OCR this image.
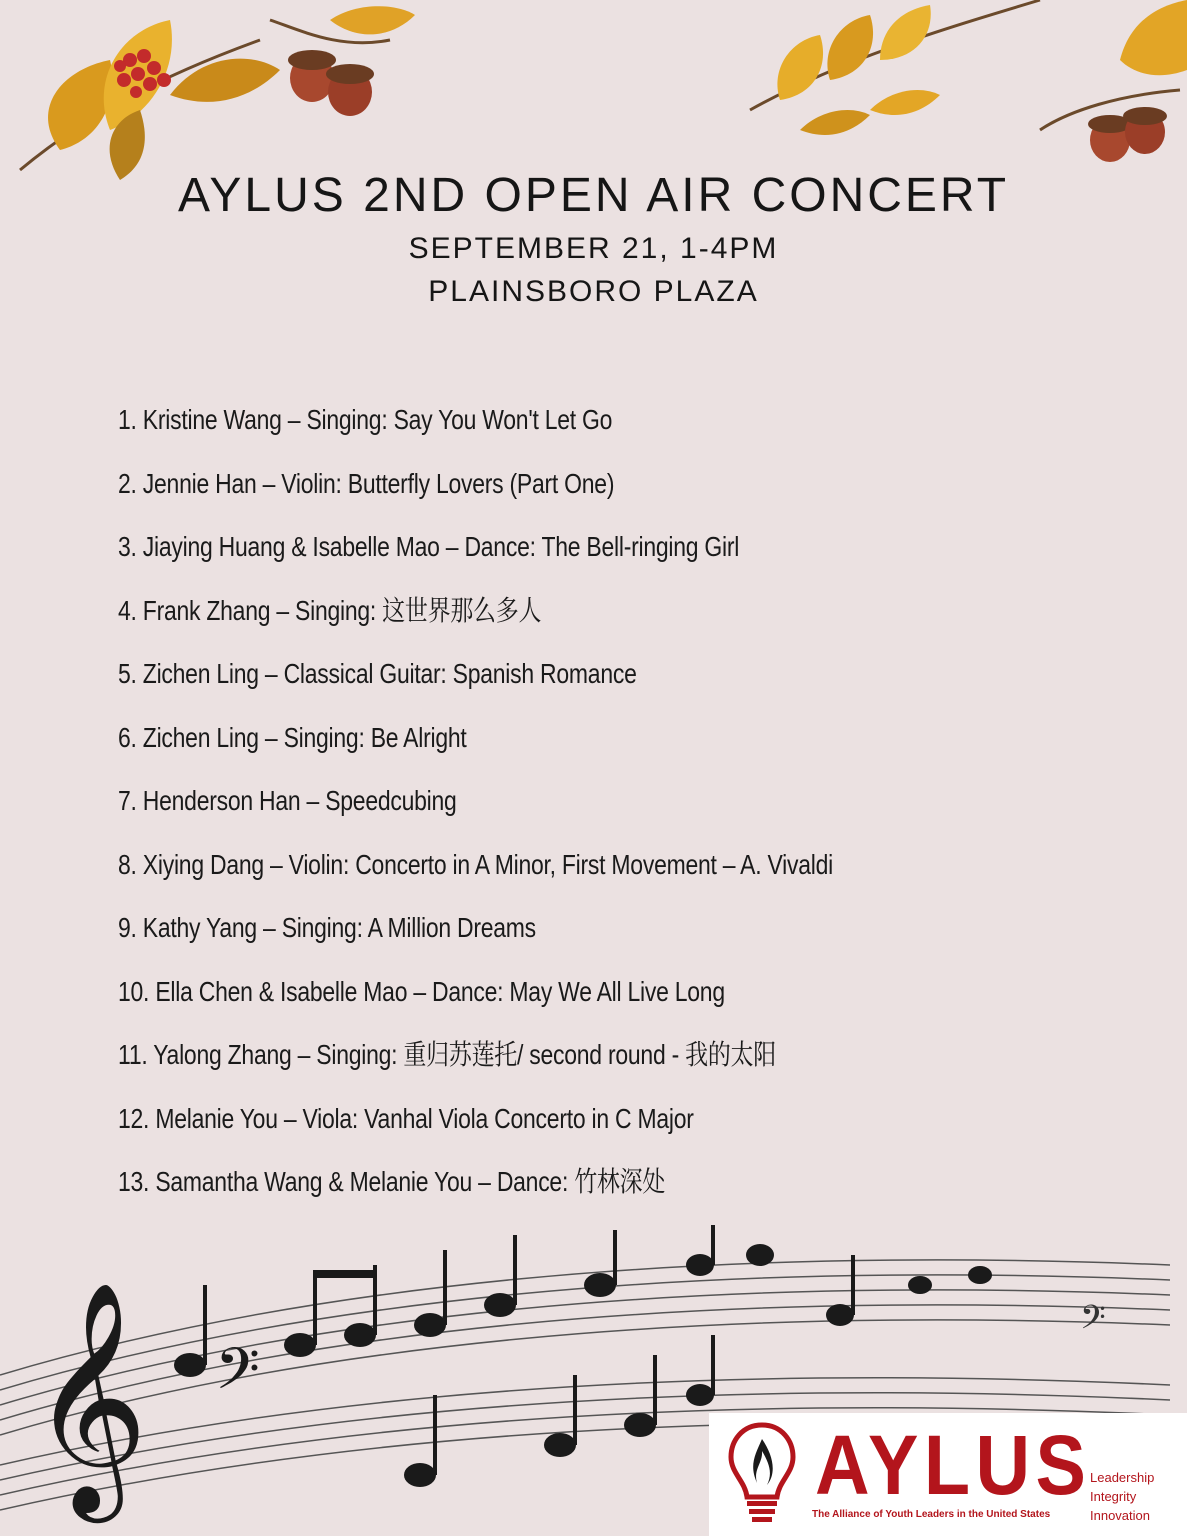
AYLUS 2ND OPEN AIR CONCERT
SEPTEMBER 21, 1-4PM
PLAINSBORO PLAZA
1. Kristine Wang – Singing: Say You Won't Let Go
2. Jennie Han – Violin: Butterfly Lovers (Part One)
3. Jiaying Huang & Isabelle Mao – Dance: The Bell-ringing Girl
4. Frank Zhang – Singing: 这世界那么多人
5. Zichen Ling – Classical Guitar: Spanish Romance
6. Zichen Ling – Singing: Be Alright
7. Henderson Han – Speedcubing
8. Xiying Dang – Violin: Concerto in A Minor, First Movement – A. Vivaldi
9. Kathy Yang – Singing: A Million Dreams
10. Ella Chen & Isabelle Mao – Dance: May We All Live Long
11. Yalong Zhang – Singing: 重归苏莲托/ second round - 我的太阳
12. Melanie You – Viola: Vanhal Viola Concerto in C Major
13. Samantha Wang & Melanie You – Dance: 竹林深处
𝄞 𝄢
𝄢
AYLUS
The Alliance of Youth Leaders in the United States
Leadership
Integrity
Innovation
